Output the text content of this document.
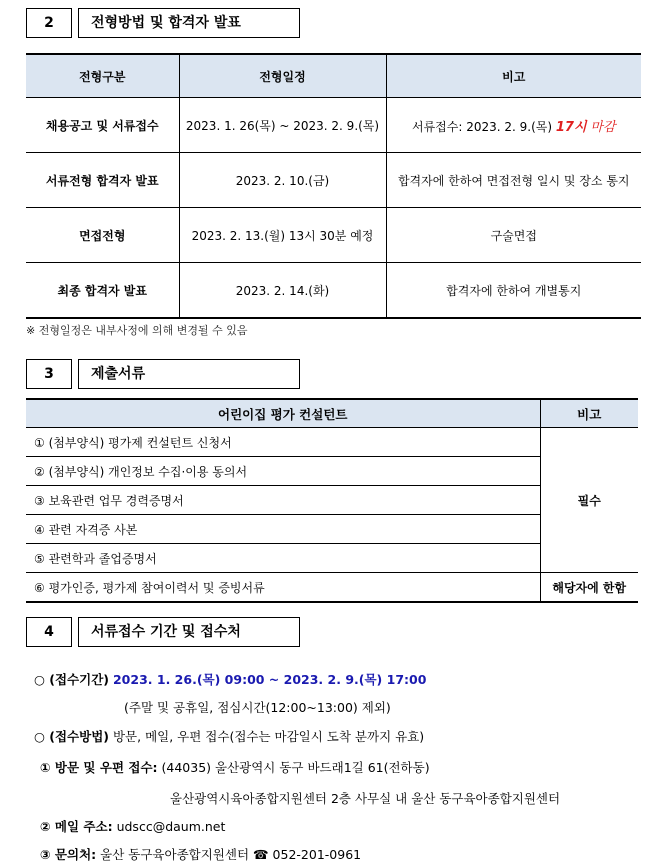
2	전형방법 및 합격자 발표
전형구분	전형일정	비고
채용공고 및 서류접수	2023. 1. 26(목) ~ 2023. 2. 9.(목)	서류접수: 2023. 2. 9.(목) 17시 마감
서류전형 합격자 발표	2023. 2. 10.(금)	합격자에 한하여 면접전형 일시 및 장소 통지
면접전형	2023. 2. 13.(월) 13시 30분 예정	구술면접
최종 합격자 발표	2023. 2. 14.(화)	합격자에 한하여 개별통지
※ 전형일정은 내부사정에 의해 변경될 수 있음
3	제출서류
어린이집 평가 컨설턴트	비고
① (첨부양식) 평가제 컨설턴트 신청서	필수
② (첨부양식) 개인정보 수집·이용 동의서	
③ 보육관련 업무 경력증명서	
④ 관련 자격증 사본	
⑤ 관련학과 졸업증명서	
⑥ 평가인증, 평가제 참여이력서 및 증빙서류	해당자에 한함
4	서류접수 기간 및 접수처
○ (접수기간) 2023. 1. 26.(목) 09:00 ~ 2023. 2. 9.(목) 17:00
(주말 및 공휴일, 점심시간(12:00~13:00) 제외)
○ (접수방법) 방문, 메일, 우편 접수(접수는 마감일시 도착 분까지 유효)
① 방문 및 우편 접수: (44035) 울산광역시 동구 바드래1길 61(전하동)
울산광역시육아종합지원센터 2층 사무실 내 울산 동구육아종합지원센터
② 메일 주소: udscc@daum.net
③ 문의처: 울산 동구육아종합지원센터 ☎ 052-201-0961
